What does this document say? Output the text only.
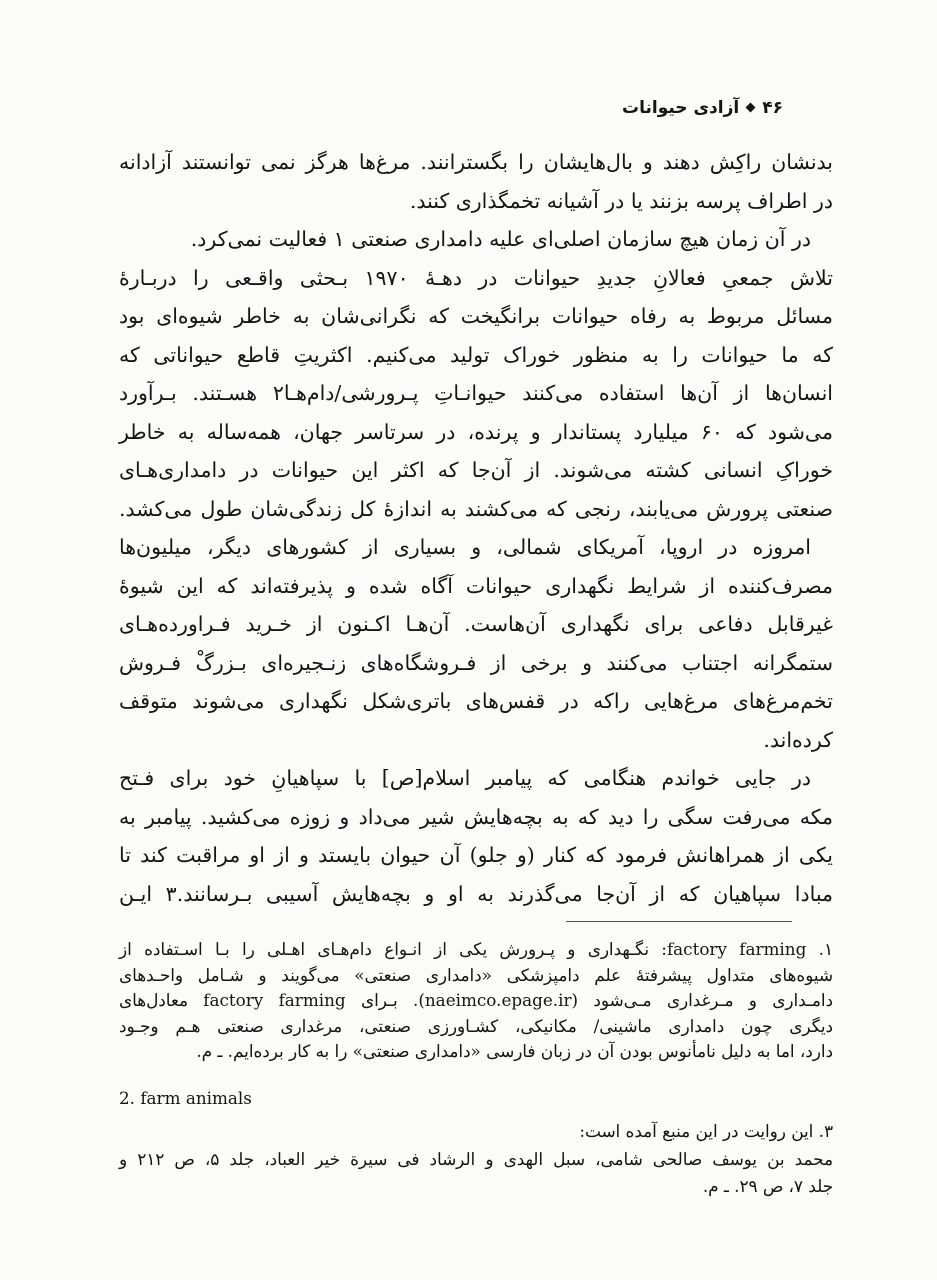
۴۶آزادی حیوانات
بدنشان را‌کِش دهند و بال‌هایشان را بگسترانند. مرغ‌ها هرگز نمی توانستند آزادانه
در اطراف پرسه بزنند یا در آشیانه تخمگذاری کنند.
در آن زمان هیچ سازمان اصلی‌ای علیه دامداری صنعتی ۱ فعالیت نمی‌کرد.
تلاش جمعیِ فعالانِ جدیدِ حیوانات در دهـهٔ ۱۹۷۰ بـحثی واقـعی را دربـارهٔ
مسائل مربوط به رفاه حیوانات برانگیخت که نگرانی‌شان به خاطر شیوه‌ای بود
که ما حیوانات را به منظور خوراک تولید می‌کنیم. اکثریتِ قاطع حیواناتی که
انسان‌ها از آن‌ها استفاده می‌کنند حیوانـاتِ پـرورشی/دام‌هـا۲ هسـتند. بـرآورد
می‌شود که ۶۰ میلیارد پستاندار و پرنده، در سرتاسر جهان، همه‌ساله به خاطر
خوراکِ انسانی کشته می‌شوند. از آن‌جا که اکثر این حیوانات در دامداری‌هـای
صنعتی پرورش می‌یابند، رنجی که می‌کشند به اندازهٔ کل زندگی‌شان طول می‌کشد.
امروزه در اروپا، آمریکای شمالی، و بسیاری از کشورهای دیگر، میلیون‌ها
مصرف‌کننده از شرایط نگهداری حیوانات آگاه شده و پذیرفته‌اند که این شیوهٔ
غیرقابل دفاعی برای نگهداری آن‌هاست. آن‌هـا اکـنون از خـرید فـراورده‌هـای
ستمگرانه اجتناب می‌کنند و برخی از فـروشگاه‌های زنـجیره‌ای بـزرگْ فـروش
تخم‌مرغ‌های مرغ‌هایی راکه در قفس‌های باتری‌شکل نگهداری می‌شوند متوقف
کرده‌اند.
در جایی خواندم هنگامی که پیامبر اسلام[ص] با سپاهیانِ خود برای فـتح
مکه می‌رفت سگی را دید که به بچه‌هایش شیر می‌داد و زوزه می‌کشید. پیامبر به
یکی از همراهانش فرمود که کنار (و جلو) آن حیوان بایستد و از او مراقبت کند تا
مبادا سپاهیان که از آن‌جا می‌گذرند به او و بچه‌هایش آسیبی بـرسانند.۳ ایـن
۱. factory farming: نگـهداری و پـرورش یکی از انـواع دام‌هـای اهـلی را بـا اسـتفاده از
شیوه‌های متداول پیشرفتهٔ علم دامپزشکی «دامداری صنعتی» می‌گویند و شـامل واحـدهای
دامـداری و مـرغداری مـی‌شود (naeimco.epage.ir). بـرای factory farming معادل‌های
دیگری چون دامداری ماشینی/ مکانیکی، کشـاورزی صنعتی، مرغداری صنعتی هـم وجـود
دارد، اما به دلیل نامأنوس بودن آن در زبان فارسی «دامداری صنعتی» را به کار برده‌ایم. ـ م.
2. farm animals
۳. این روایت در این منبع آمده است:
محمد بن یوسف صالحی شامی، سبل الهدی و الرشاد فی سیرة خیر العباد، جلد ۵، ص ۲۱۲ و
جلد ۷، ص ۲۹. ـ م.
